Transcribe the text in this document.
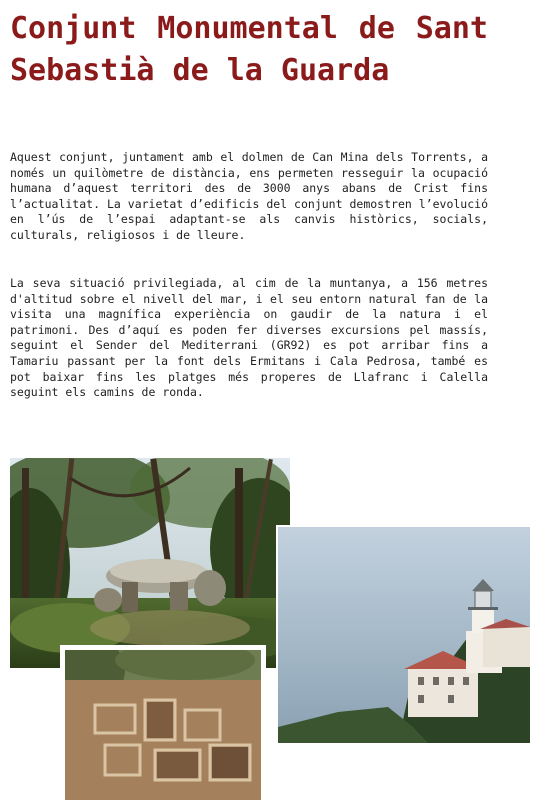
Conjunt Monumental de Sant Sebastià de la Guarda

Aquest conjunt, juntament amb el dolmen de Can Mina dels Torrents, a només un quilòmetre de distància, ens permeten resseguir la ocupació humana d’aquest territori des de 3000 anys abans de Crist fins l’actualitat. La varietat d’edificis del conjunt demostren l’evolució en l’ús de l’espai adaptant-se als canvis històrics, socials, culturals, religiosos i de lleure.

La seva situació privilegiada, al cim de la muntanya, a 156 metres d'altitud sobre el nivell del mar, i el seu entorn natural fan de la visita una magnífica experiència on gaudir de la natura i el patrimoni. Des d’aquí es poden fer diverses excursions pel massís, seguint el Sender del Mediterrani (GR92) es pot arribar fins a Tamariu passant per la font dels Ermitans i Cala Pedrosa, també es pot baixar fins les platges més properes de Llafranc i Calella seguint els camins de ronda.
